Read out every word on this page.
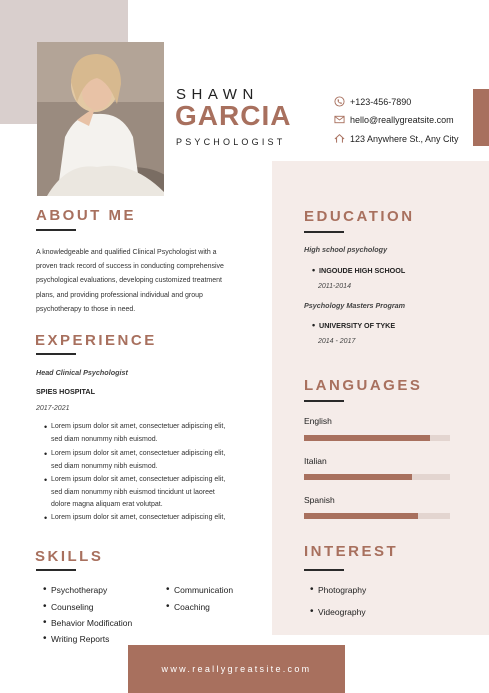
SHAWN
GARCIA
PSYCHOLOGIST
+123-456-7890
hello@reallygreatsite.com
123 Anywhere St., Any City
ABOUT ME
A knowledgeable and qualified Clinical Psychologist with a
proven track record of success in conducting comprehensive
psychological evaluations, developing customized treatment
plans, and providing professional individual and group
psychotherapy to those in need.
EXPERIENCE
Head Clinical Psychologist
SPIES HOSPITAL
2017-2021
• Lorem ipsum dolor sit amet, consectetuer adipiscing elit,
sed diam nonummy nibh euismod.
• Lorem ipsum dolor sit amet, consectetuer adipiscing elit,
sed diam nonummy nibh euismod.
• Lorem ipsum dolor sit amet, consectetuer adipiscing elit,
sed diam nonummy nibh euismod tincidunt ut laoreet
dolore magna aliquam erat volutpat.
• Lorem ipsum dolor sit amet, consectetuer adipiscing elit,
SKILLS
• Psychotherapy
• Counseling
• Behavior Modification
• Writing Reports
• Communication
• Coaching
EDUCATION
High school psychology
• INGOUDE HIGH SCHOOL
2011-2014
Psychology Masters Program
• UNIVERSITY OF TYKE
2014 - 2017
LANGUAGES
English
Italian
Spanish
INTEREST
• Photography
• Videography
www.reallygreatsite.com
